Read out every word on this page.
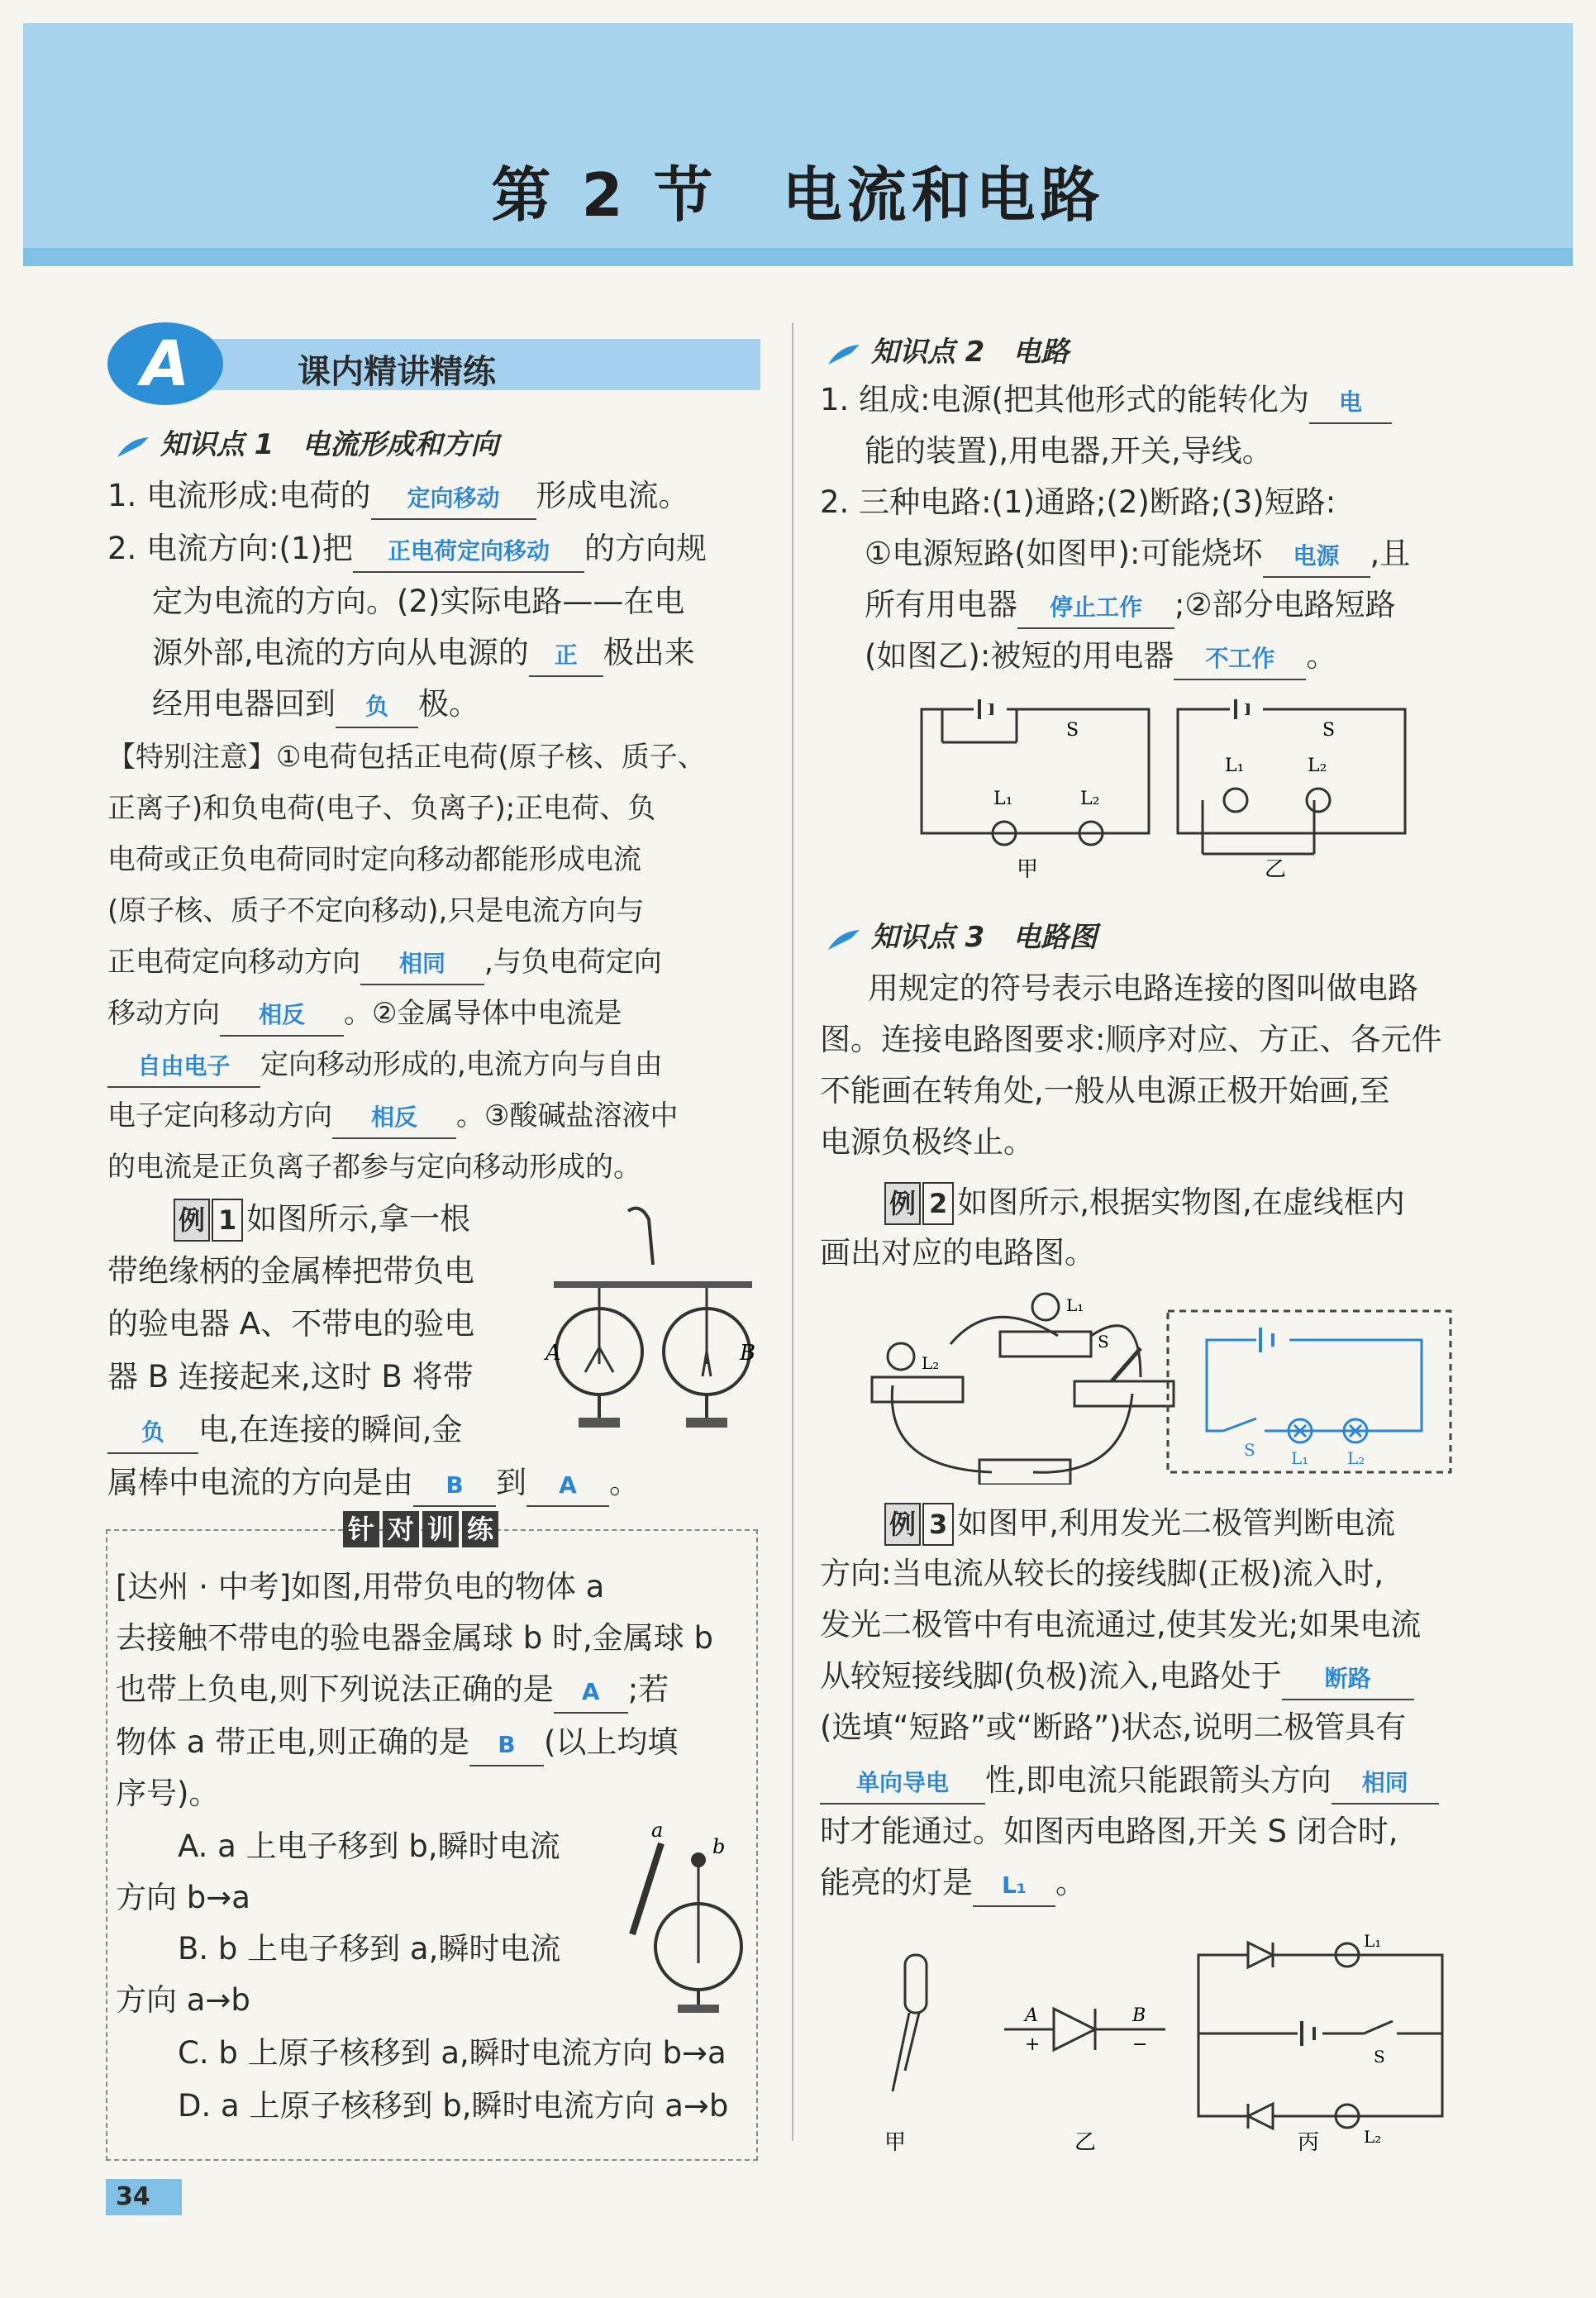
第 2 节　电流和电路
课内精讲精练
A
知识点 1　电流形成和方向
1. 电流形成:电荷的 定向移动 形成电流。
2. 电流方向:(1)把 正电荷定向移动 的方向规
定为电流的方向。(2)实际电路——在电
源外部,电流的方向从电源的 正 极出来
经用电器回到 负 极。
【特别注意】①电荷包括正电荷(原子核、质子、
正离子)和负电荷(电子、负离子);正电荷、负
电荷或正负电荷同时定向移动都能形成电流
(原子核、质子不定向移动),只是电流方向与
正电荷定向移动方向 相同 ,与负电荷定向
移动方向 相反 。②金属导体中电流是
自由电子 定向移动形成的,电流方向与自由
电子定向移动方向 相反 。③酸碱盐溶液中
的电流是正负离子都参与定向移动形成的。
例 1 如图所示,拿一根
带绝缘柄的金属棒把带负电
的验电器 A、不带电的验电
器 B 连接起来,这时 B 将带
负 电,在连接的瞬间,金
属棒中电流的方向是由 B 到 A 。
A	B
针 对 训 练
[达州 · 中考]如图,用带负电的物体 a
去接触不带电的验电器金属球 b 时,金属球 b
也带上负电,则下列说法正确的是 A ;若
物体 a 带正电,则正确的是 B (以上均填
序号)。
A. a 上电子移到 b,瞬时电流
方向 b→a
B. b 上电子移到 a,瞬时电流
方向 a→b
C. b 上原子核移到 a,瞬时电流方向 b→a
D. a 上原子核移到 b,瞬时电流方向 a→b
a
b
知识点 2　电路
1. 组成:电源(把其他形式的能转化为 电
能的装置),用电器,开关,导线。
2. 三种电路:(1)通路;(2)断路;(3)短路:
①电源短路(如图甲):可能烧坏 电源 ,且
所有用电器 停止工作 ;②部分电路短路
(如图乙):被短的用电器 不工作 。
S	S
L₁	L₂
L₁	L₂
甲	乙
知识点 3　电路图
用规定的符号表示电路连接的图叫做电路
图。连接电路图要求:顺序对应、方正、各元件
不能画在转角处,一般从电源正极开始画,至
电源负极终止。
例 2 如图所示,根据实物图,在虚线框内
画出对应的电路图。
L₂
L₁
S
S L₁ L₂
例 3 如图甲,利用发光二极管判断电流
方向:当电流从较长的接线脚(正极)流入时,
发光二极管中有电流通过,使其发光;如果电流
从较短接线脚(负极)流入,电路处于 断路
(选填“短路”或“断路”)状态,说明二极管具有
单向导电 性,即电流只能跟箭头方向 相同
时才能通过。如图丙电路图,开关 S 闭合时,
能亮的灯是 L₁ 。
A	B
+	−
L₁
S
L₂
甲	乙	丙
34
